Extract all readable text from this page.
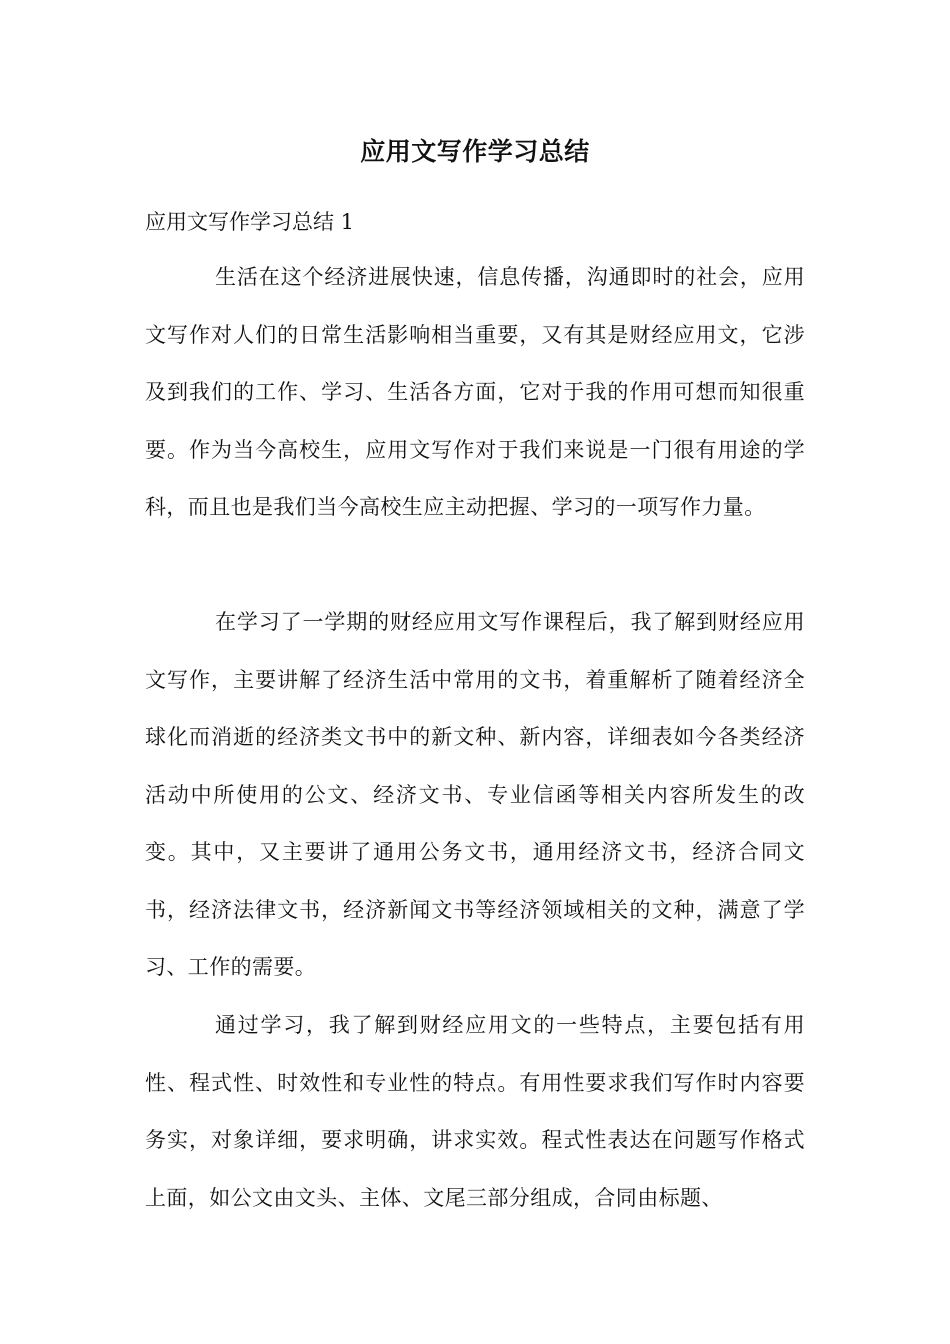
应用文写作学习总结
应用文写作学习总结 1

生活在这个经济进展快速，信息传播，沟通即时的社会，应用文写作对人们的日常生活影响相当重要，又有其是财经应用文，它涉及到我们的工作、学习、生活各方面，它对于我的作用可想而知很重要。作为当今高校生，应用文写作对于我们来说是一门很有用途的学科，而且也是我们当今高校生应主动把握、学习的一项写作力量。

在学习了一学期的财经应用文写作课程后，我了解到财经应用文写作，主要讲解了经济生活中常用的文书，着重解析了随着经济全球化而消逝的经济类文书中的新文种、新内容，详细表如今各类经济活动中所使用的公文、经济文书、专业信函等相关内容所发生的改变。其中，又主要讲了通用公务文书，通用经济文书，经济合同文书，经济法律文书，经济新闻文书等经济领域相关的文种，满意了学习、工作的需要。

通过学习，我了解到财经应用文的一些特点，主要包括有用性、程式性、时效性和专业性的特点。有用性要求我们写作时内容要务实，对象详细，要求明确，讲求实效。程式性表达在问题写作格式上面，如公文由文头、主体、文尾三部分组成，合同由标题、
